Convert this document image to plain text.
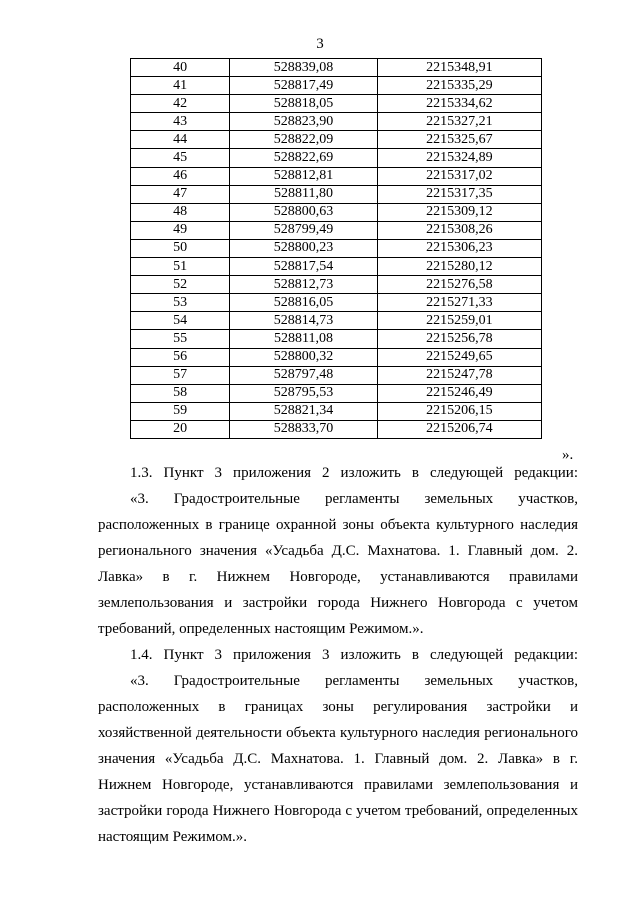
3
40	528839,08	2215348,91
41	528817,49	2215335,29
42	528818,05	2215334,62
43	528823,90	2215327,21
44	528822,09	2215325,67
45	528822,69	2215324,89
46	528812,81	2215317,02
47	528811,80	2215317,35
48	528800,63	2215309,12
49	528799,49	2215308,26
50	528800,23	2215306,23
51	528817,54	2215280,12
52	528812,73	2215276,58
53	528816,05	2215271,33
54	528814,73	2215259,01
55	528811,08	2215256,78
56	528800,32	2215249,65
57	528797,48	2215247,78
58	528795,53	2215246,49
59	528821,34	2215206,15
20	528833,70	2215206,74
».
1.3. Пункт 3 приложения 2 изложить в следующей редакции:
«3. Градостроительные регламенты земельных участков,
расположенных в границе охранной зоны объекта культурного наследия
регионального значения «Усадьба Д.С. Махнатова. 1. Главный дом. 2.
Лавка» в г. Нижнем Новгороде, устанавливаются правилами
землепользования и застройки города Нижнего Новгорода с учетом
требований, определенных настоящим Режимом.».
1.4. Пункт 3 приложения 3 изложить в следующей редакции:
«3. Градостроительные регламенты земельных участков,
расположенных в границах зоны регулирования застройки и
хозяйственной деятельности объекта культурного наследия регионального
значения «Усадьба Д.С. Махнатова. 1. Главный дом. 2. Лавка» в г.
Нижнем Новгороде, устанавливаются правилами землепользования и
застройки города Нижнего Новгорода с учетом требований, определенных
настоящим Режимом.».
